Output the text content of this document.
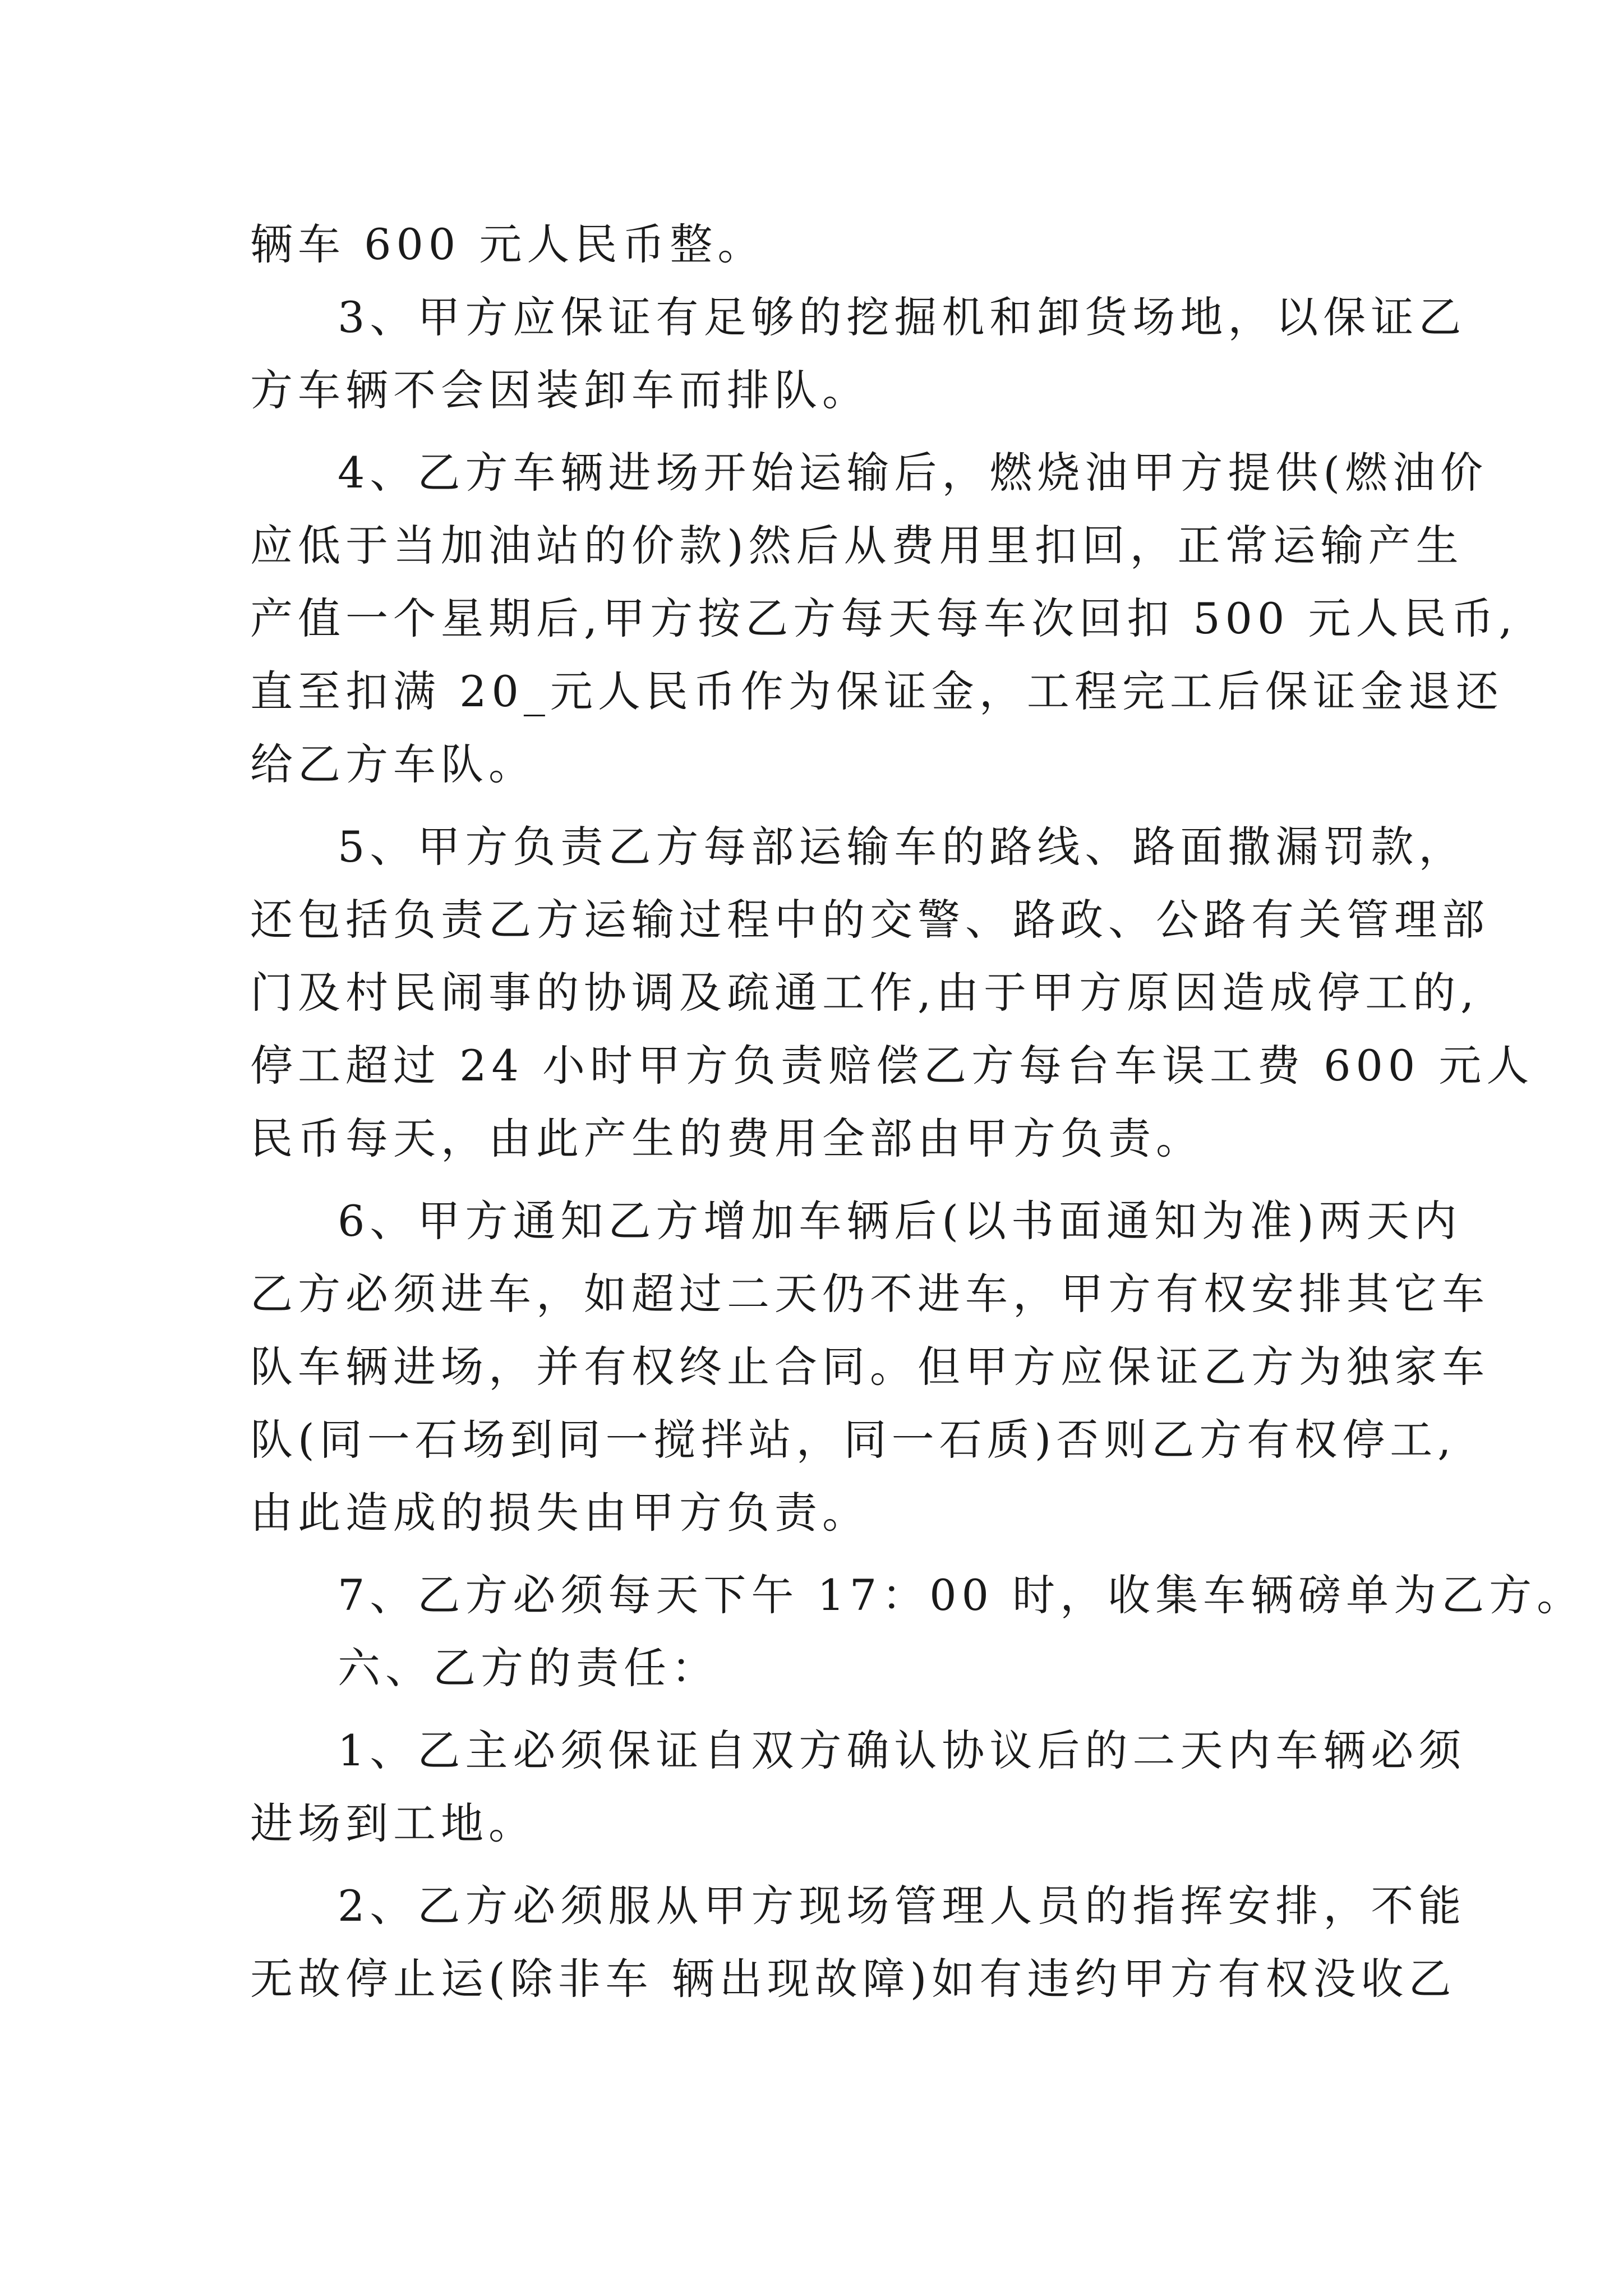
辆车 600 元人民币整。
3、甲方应保证有足够的挖掘机和卸货场地，以保证乙
方车辆不会因装卸车而排队。
4、乙方车辆进场开始运输后，燃烧油甲方提供(燃油价
应低于当加油站的价款)然后从费用里扣回，正常运输产生
产值一个星期后,甲方按乙方每天每车次回扣 500 元人民币,
直至扣满 20_元人民币作为保证金，工程完工后保证金退还
给乙方车队。
5、甲方负责乙方每部运输车的路线、路面撒漏罚款，
还包括负责乙方运输过程中的交警、路政、公路有关管理部
门及村民闹事的协调及疏通工作,由于甲方原因造成停工的,
停工超过 24 小时甲方负责赔偿乙方每台车误工费 600 元人
民币每天，由此产生的费用全部由甲方负责。
6、甲方通知乙方增加车辆后(以书面通知为准)两天内
乙方必须进车，如超过二天仍不进车，甲方有权安排其它车
队车辆进场，并有权终止合同。但甲方应保证乙方为独家车
队(同一石场到同一搅拌站，同一石质)否则乙方有权停工,
由此造成的损失由甲方负责。
7、乙方必须每天下午 17：00 时，收集车辆磅单为乙方。
六、乙方的责任：
1、乙主必须保证自双方确认协议后的二天内车辆必须
进场到工地。
2、乙方必须服从甲方现场管理人员的指挥安排，不能
无故停止运(除非车 辆出现故障)如有违约甲方有权没收乙
